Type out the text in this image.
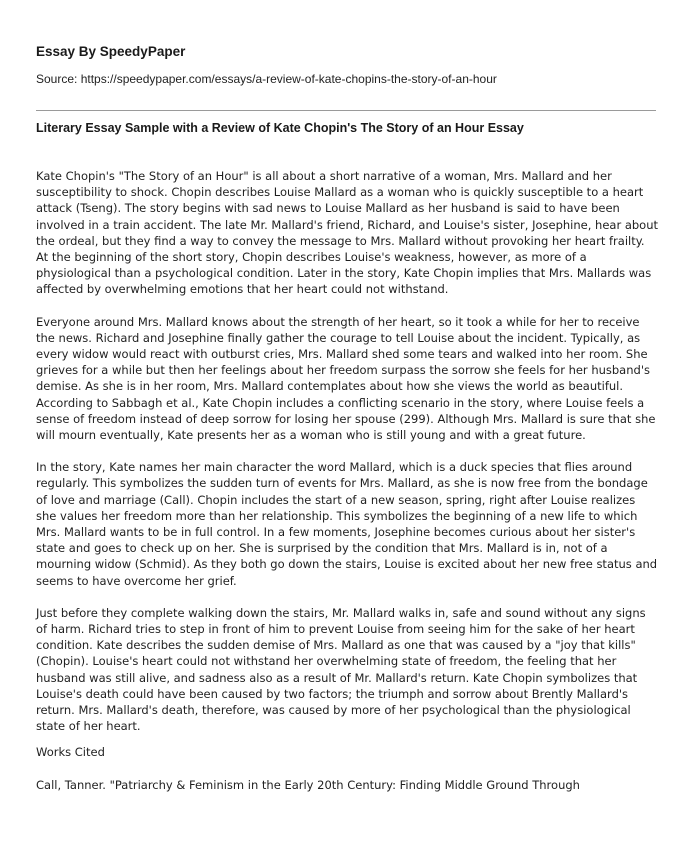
Essay By SpeedyPaper

Source: https://speedypaper.com/essays/a-review-of-kate-chopins-the-story-of-an-hour

Literary Essay Sample with a Review of Kate Chopin's The Story of an Hour Essay

Kate Chopin's "The Story of an Hour" is all about a short narrative of a woman, Mrs. Mallard and her susceptibility to shock. Chopin describes Louise Mallard as a woman who is quickly susceptible to a heart attack (Tseng). The story begins with sad news to Louise Mallard as her husband is said to have been involved in a train accident. The late Mr. Mallard's friend, Richard, and Louise's sister, Josephine, hear about the ordeal, but they find a way to convey the message to Mrs. Mallard without provoking her heart frailty. At the beginning of the short story, Chopin describes Louise's weakness, however, as more of a physiological than a psychological condition. Later in the story, Kate Chopin implies that Mrs. Mallards was affected by overwhelming emotions that her heart could not withstand.

Everyone around Mrs. Mallard knows about the strength of her heart, so it took a while for her to receive the news. Richard and Josephine finally gather the courage to tell Louise about the incident. Typically, as every widow would react with outburst cries, Mrs. Mallard shed some tears and walked into her room. She grieves for a while but then her feelings about her freedom surpass the sorrow she feels for her husband's demise. As she is in her room, Mrs. Mallard contemplates about how she views the world as beautiful. According to Sabbagh et al., Kate Chopin includes a conflicting scenario in the story, where Louise feels a sense of freedom instead of deep sorrow for losing her spouse (299). Although Mrs. Mallard is sure that she will mourn eventually, Kate presents her as a woman who is still young and with a great future.

In the story, Kate names her main character the word Mallard, which is a duck species that flies around regularly. This symbolizes the sudden turn of events for Mrs. Mallard, as she is now free from the bondage of love and marriage (Call). Chopin includes the start of a new season, spring, right after Louise realizes she values her freedom more than her relationship. This symbolizes the beginning of a new life to which Mrs. Mallard wants to be in full control. In a few moments, Josephine becomes curious about her sister's state and goes to check up on her. She is surprised by the condition that Mrs. Mallard is in, not of a mourning widow (Schmid). As they both go down the stairs, Louise is excited about her new free status and seems to have overcome her grief.

Just before they complete walking down the stairs, Mr. Mallard walks in, safe and sound without any signs of harm. Richard tries to step in front of him to prevent Louise from seeing him for the sake of her heart condition. Kate describes the sudden demise of Mrs. Mallard as one that was caused by a "joy that kills" (Chopin). Louise's heart could not withstand her overwhelming state of freedom, the feeling that her husband was still alive, and sadness also as a result of Mr. Mallard's return. Kate Chopin symbolizes that Louise's death could have been caused by two factors; the triumph and sorrow about Brently Mallard's return. Mrs. Mallard's death, therefore, was caused by more of her psychological than the physiological state of her heart.

Works Cited

Call, Tanner. "Patriarchy & Feminism in the Early 20th Century: Finding Middle Ground Through
